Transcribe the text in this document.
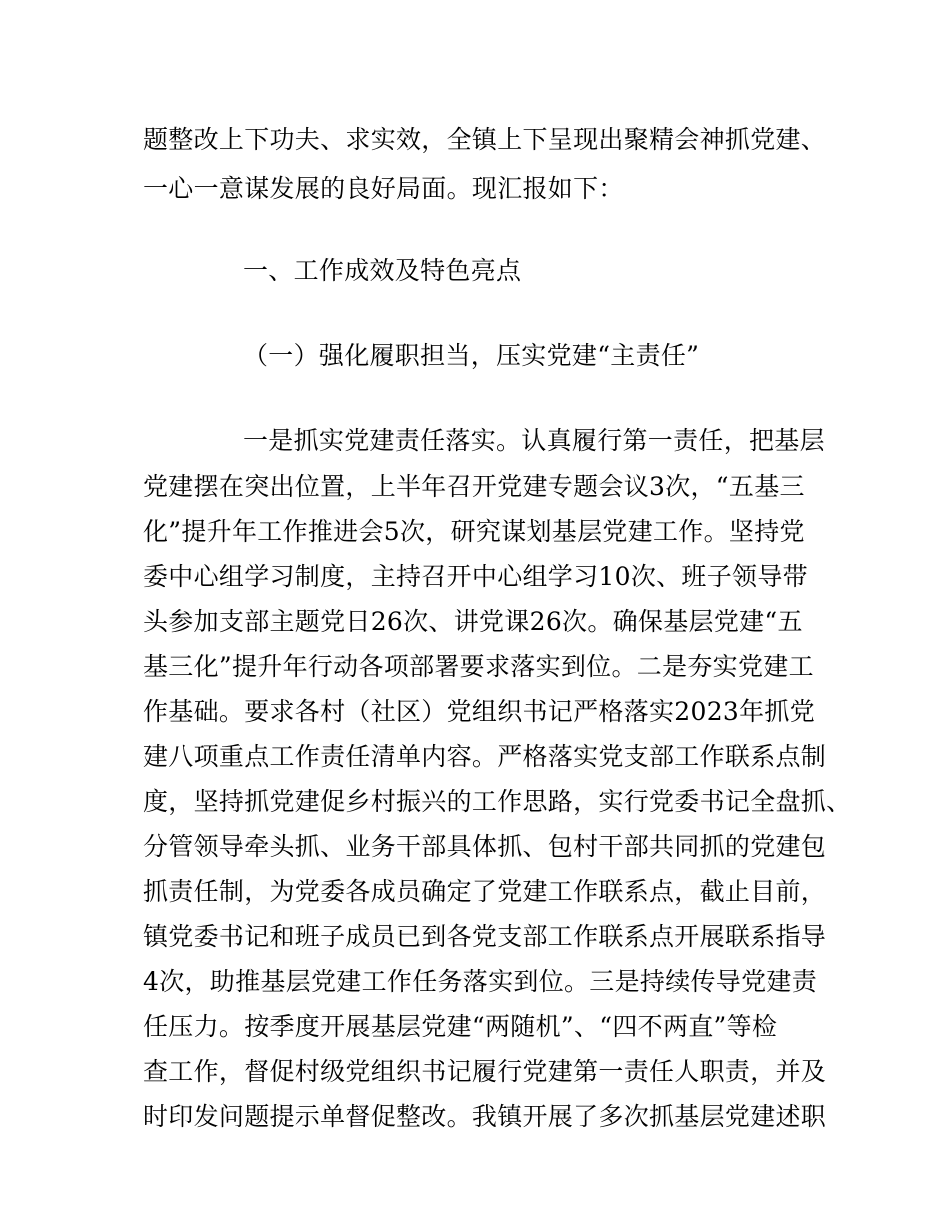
题整改上下功夫、求实效，全镇上下呈现出聚精会神抓党建、
一心一意谋发展的良好局面。现汇报如下：
一、工作成效及特色亮点
（一）强化履职担当，压实党建“主责任”
一是抓实党建责任落实。认真履行第一责任，把基层
党建摆在突出位置，上半年召开党建专题会议3次，“五基三
化”提升年工作推进会5次，研究谋划基层党建工作。坚持党
委中心组学习制度，主持召开中心组学习10次、班子领导带
头参加支部主题党日26次、讲党课26次。确保基层党建“五
基三化”提升年行动各项部署要求落实到位。二是夯实党建工
作基础。要求各村（社区）党组织书记严格落实2023年抓党
建八项重点工作责任清单内容。严格落实党支部工作联系点制
度，坚持抓党建促乡村振兴的工作思路，实行党委书记全盘抓、
分管领导牵头抓、业务干部具体抓、包村干部共同抓的党建包
抓责任制，为党委各成员确定了党建工作联系点，截止目前，
镇党委书记和班子成员已到各党支部工作联系点开展联系指导
4次，助推基层党建工作任务落实到位。三是持续传导党建责
任压力。按季度开展基层党建“两随机”、“四不两直”等检
查工作，督促村级党组织书记履行党建第一责任人职责，并及
时印发问题提示单督促整改。我镇开展了多次抓基层党建述职
